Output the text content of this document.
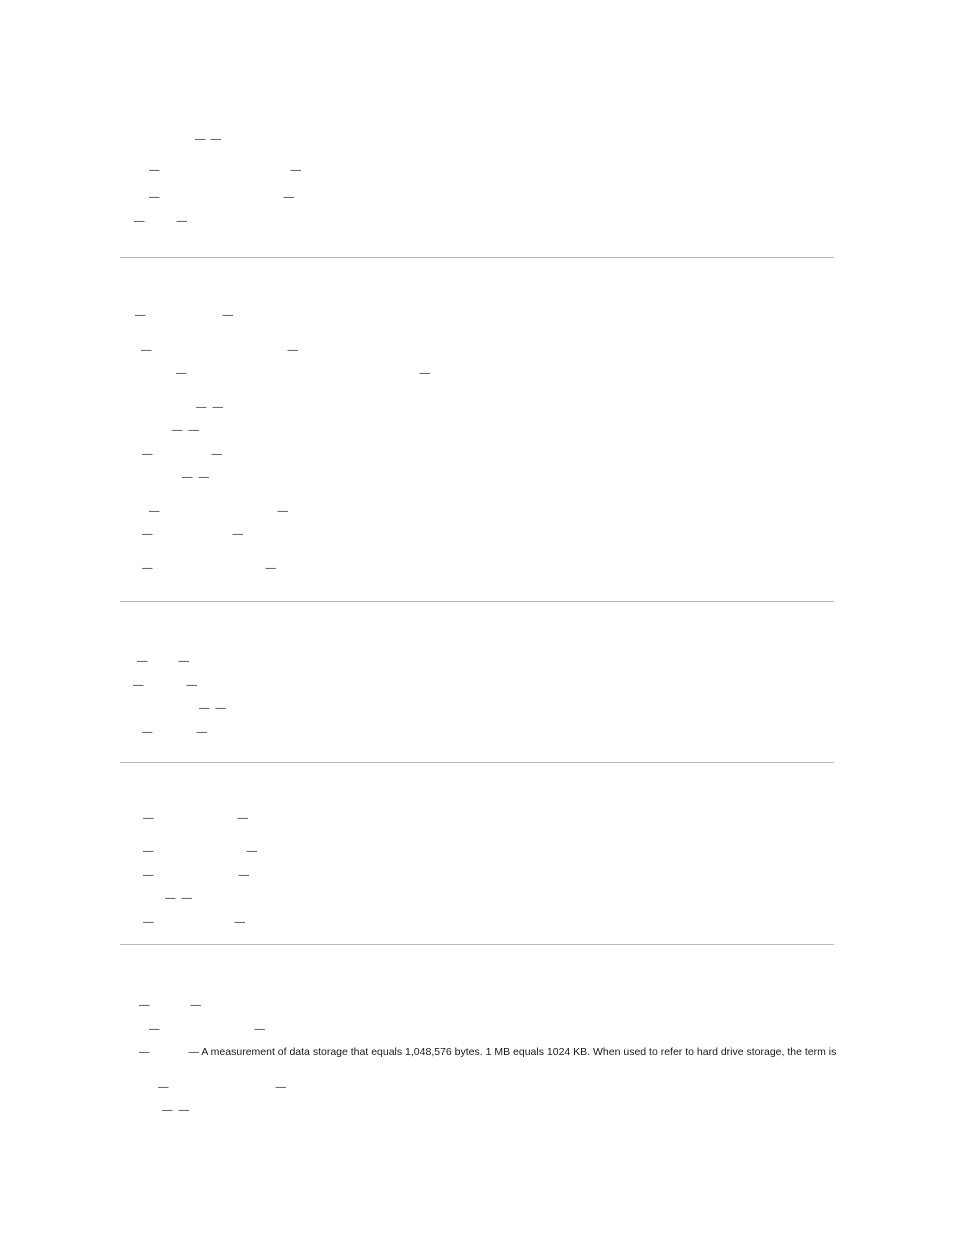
— —
—	—
—	—
—	—
—	—
—	—
—	—
— —
— —
—	—
— —
—	—
—	—
—	—
—	—
—	—
— —
—	—
—	—
—	—
—	—
— —
—	—
—	—
—	—
—	— A measurement of data storage that equals 1,048,576 bytes. 1 MB equals 1024 KB. When used to refer to hard drive storage, the term is
—	—
— —
